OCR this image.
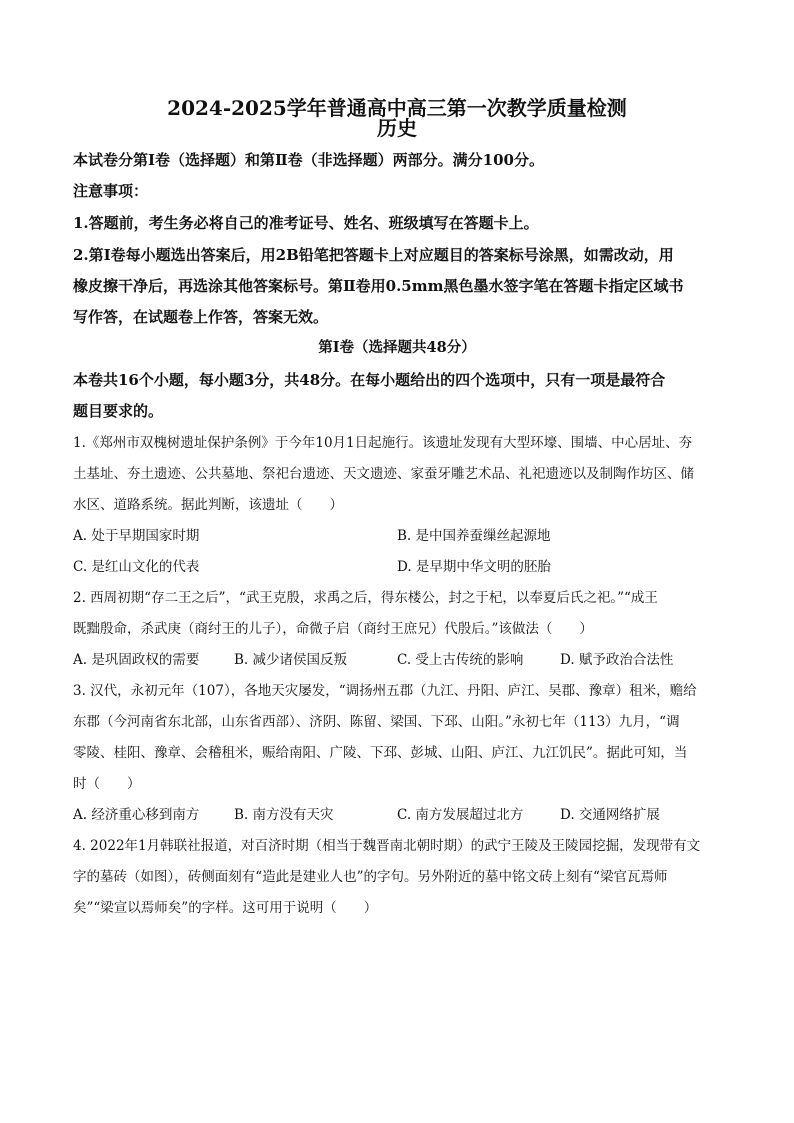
2024-2025学年普通高中高三第一次教学质量检测
历史
本试卷分第Ⅰ卷（选择题）和第Ⅱ卷（非选择题）两部分。满分100分。
注意事项：
1.答题前，考生务必将自己的准考证号、姓名、班级填写在答题卡上。
2.第Ⅰ卷每小题选出答案后，用2B铅笔把答题卡上对应题目的答案标号涂黑，如需改动，用
橡皮擦干净后，再选涂其他答案标号。第Ⅱ卷用0.5mm黑色墨水签字笔在答题卡指定区域书
写作答，在试题卷上作答，答案无效。
第Ⅰ卷（选择题共48分）
本卷共16个小题，每小题3分，共48分。在每小题给出的四个选项中，只有一项是最符合
题目要求的。
1.《郑州市双槐树遗址保护条例》于今年10月1日起施行。该遗址发现有大型环壕、围墙、中心居址、夯
土基址、夯土遗迹、公共墓地、祭祀台遗迹、天文遗迹、家蚕牙雕艺术品、礼祀遗迹以及制陶作坊区、储
水区、道路系统。据此判断，该遗址（　　）
A. 处于早期国家时期	B. 是中国养蚕缫丝起源地
C. 是红山文化的代表	D. 是早期中华文明的胚胎
2. 西周初期“存二王之后”，“武王克殷，求禹之后，得东楼公，封之于杞，以奉夏后氏之祀。”“成王
既黜殷命，杀武庚（商纣王的儿子），命微子启（商纣王庶兄）代殷后。”该做法（　　）
A. 是巩固政权的需要	B. 减少诸侯国反叛	C. 受上古传统的影响	D. 赋予政治合法性
3. 汉代，永初元年（107），各地天灾屡发，“调扬州五郡（九江、丹阳、庐江、吴郡、豫章）租米，赡给
东郡（今河南省东北部，山东省西部）、济阴、陈留、梁国、下邳、山阳。”永初七年（113）九月，“调
零陵、桂阳、豫章、会稽租米，赈给南阳、广陵、下邳、彭城、山阳、庐江、九江饥民”。据此可知，当
时（　　）
A. 经济重心移到南方	B. 南方没有天灾	C. 南方发展超过北方	D. 交通网络扩展
4. 2022年1月韩联社报道，对百济时期（相当于魏晋南北朝时期）的武宁王陵及王陵园挖掘，发现带有文
字的墓砖（如图），砖侧面刻有“造此是建业人也”的字句。另外附近的墓中铭文砖上刻有“梁官瓦焉师
矣”“梁宣以焉师矣”的字样。这可用于说明（　　）
